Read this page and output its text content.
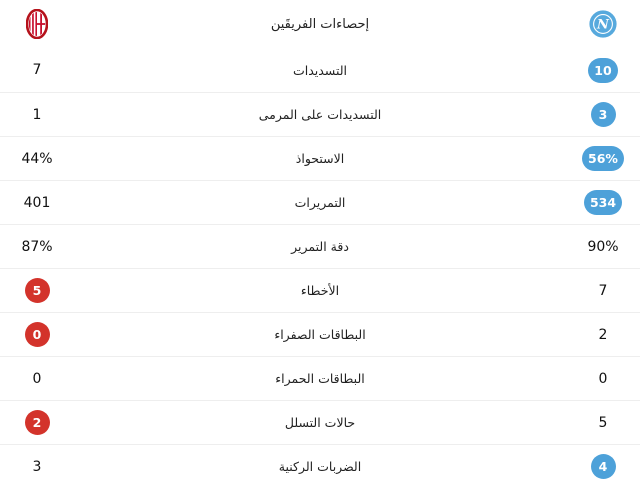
إحصاءات الفريقَين	N
7	التسديدات	10
1	التسديدات على المرمى	3
44%	الاستحواذ	56%
401	التمريرات	534
87%	دقة التمرير	90%
5	الأخطاء	7
0	البطاقات الصفراء	2
0	البطاقات الحمراء	0
2	حالات التسلل	5
3	الضربات الركنية	4
